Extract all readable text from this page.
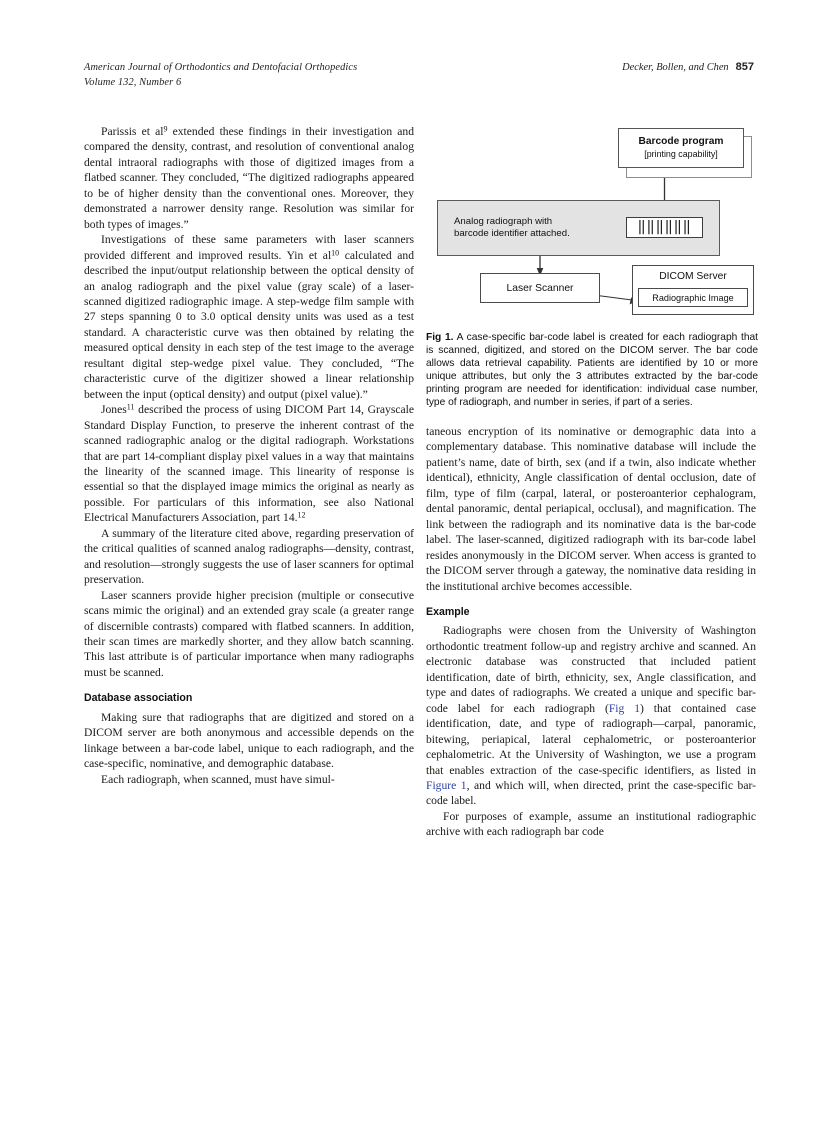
American Journal of Orthodontics and Dentofacial Orthopedics
Volume 132, Number 6
Decker, Bollen, and Chen 857

Parissis et $al^9$ extended these findings in their investigation and compared the density, contrast, and resolution of conventional analog dental intraoral radiographs with those of digitized images from a flatbed scanner. They concluded, “The digitized radiographs appeared to be of higher density than the conventional ones. Moreover, they demonstrated a narrower density range. Resolution was similar for both types of images.”

Investigations of these same parameters with laser scanners provided different and improved results. Yin et $al^{10}$ calculated and described the input/output relationship between the optical density of an analog radiograph and the pixel value (gray scale) of a laser-scanned digitized radiographic image. A step-wedge film sample with 27 steps spanning 0 to 3.0 optical density units was used as a test standard. A characteristic curve was then obtained by relating the measured optical density in each step of the test image to the average resultant digital step-wedge pixel value. They concluded, “The characteristic curve of the digitizer showed a linear relationship between the input (optical density) and output (pixel value).”

Jones$^{11}$ described the process of using DICOM Part 14, Grayscale Standard Display Function, to preserve the inherent contrast of the scanned radiographic analog or the digital radiograph. Workstations that are part 14-compliant display pixel values in a way that maintains the linearity of the scanned image. This linearity of response is essential so that the displayed image mimics the original as nearly as possible. For particulars of this information, see also National Electrical Manufacturers Association, part 14.12

A summary of the literature cited above, regarding preservation of the critical qualities of scanned analog radiographs—density, contrast, and resolution—strongly suggests the use of laser scanners for optimal preservation.

Laser scanners provide higher precision (multiple or consecutive scans mimic the original) and an extended gray scale (a greater range of discernible contrasts) compared with flatbed scanners. In addition, their scan times are markedly shorter, and they allow batch scanning. This last attribute is of particular importance when many radiographs must be scanned.

Database association

Making sure that radiographs that are digitized and stored on a DICOM server are both anonymous and accessible depends on the linkage between a bar-code label, unique to each radiograph, and the case-specific, nominative, and demographic database.

Each radiograph, when scanned, must have simul-

Barcode program
[printing capability]
Analog radiograph with
barcode identifier attached.	‖‖‖‖‖‖
Laser Scanner
DICOM Server
Radiographic Image
Fig 1. A case-specific bar-code label is created for each radiograph that is scanned, digitized, and stored on the DICOM server. The bar code allows data retrieval capability. Patients are identified by 10 or more unique attributes, but only the 3 attributes extracted by the bar-code printing program are needed for identification: individual case number, type of radiograph, and number in series, if part of a series.

taneous encryption of its nominative or demographic data into a complementary database. This nominative database will include the patient’s name, date of birth, sex (and if a twin, also indicate whether identical), ethnicity, Angle classification of dental occlusion, date of film, type of film (carpal, lateral, or posteroanterior cephalogram, dental panoramic, dental periapical, occlusal), and magnification. The link between the radiograph and its nominative data is the bar-code label. The laser-scanned, digitized radiograph with its bar-code label resides anonymously in the DICOM server. When access is granted to the DICOM server through a gateway, the nominative data residing in the institutional archive becomes accessible.

Example

Radiographs were chosen from the University of Washington orthodontic treatment follow-up and registry archive and scanned. An electronic database was constructed that included patient identification, date of birth, ethnicity, sex, Angle classification, and type and dates of radiographs. We created a unique and specific bar-code label for each radiograph (Fig 1) that contained case identification, date, and type of radiograph—carpal, panoramic, bitewing, periapical, lateral cephalometric, or posteroanterior cephalometric. At the University of Washington, we use a program that enables extraction of the case-specific identifiers, as listed in Figure 1, and which will, when directed, print the case-specific bar-code label.

For purposes of example, assume an institutional radiographic archive with each radiograph bar code
